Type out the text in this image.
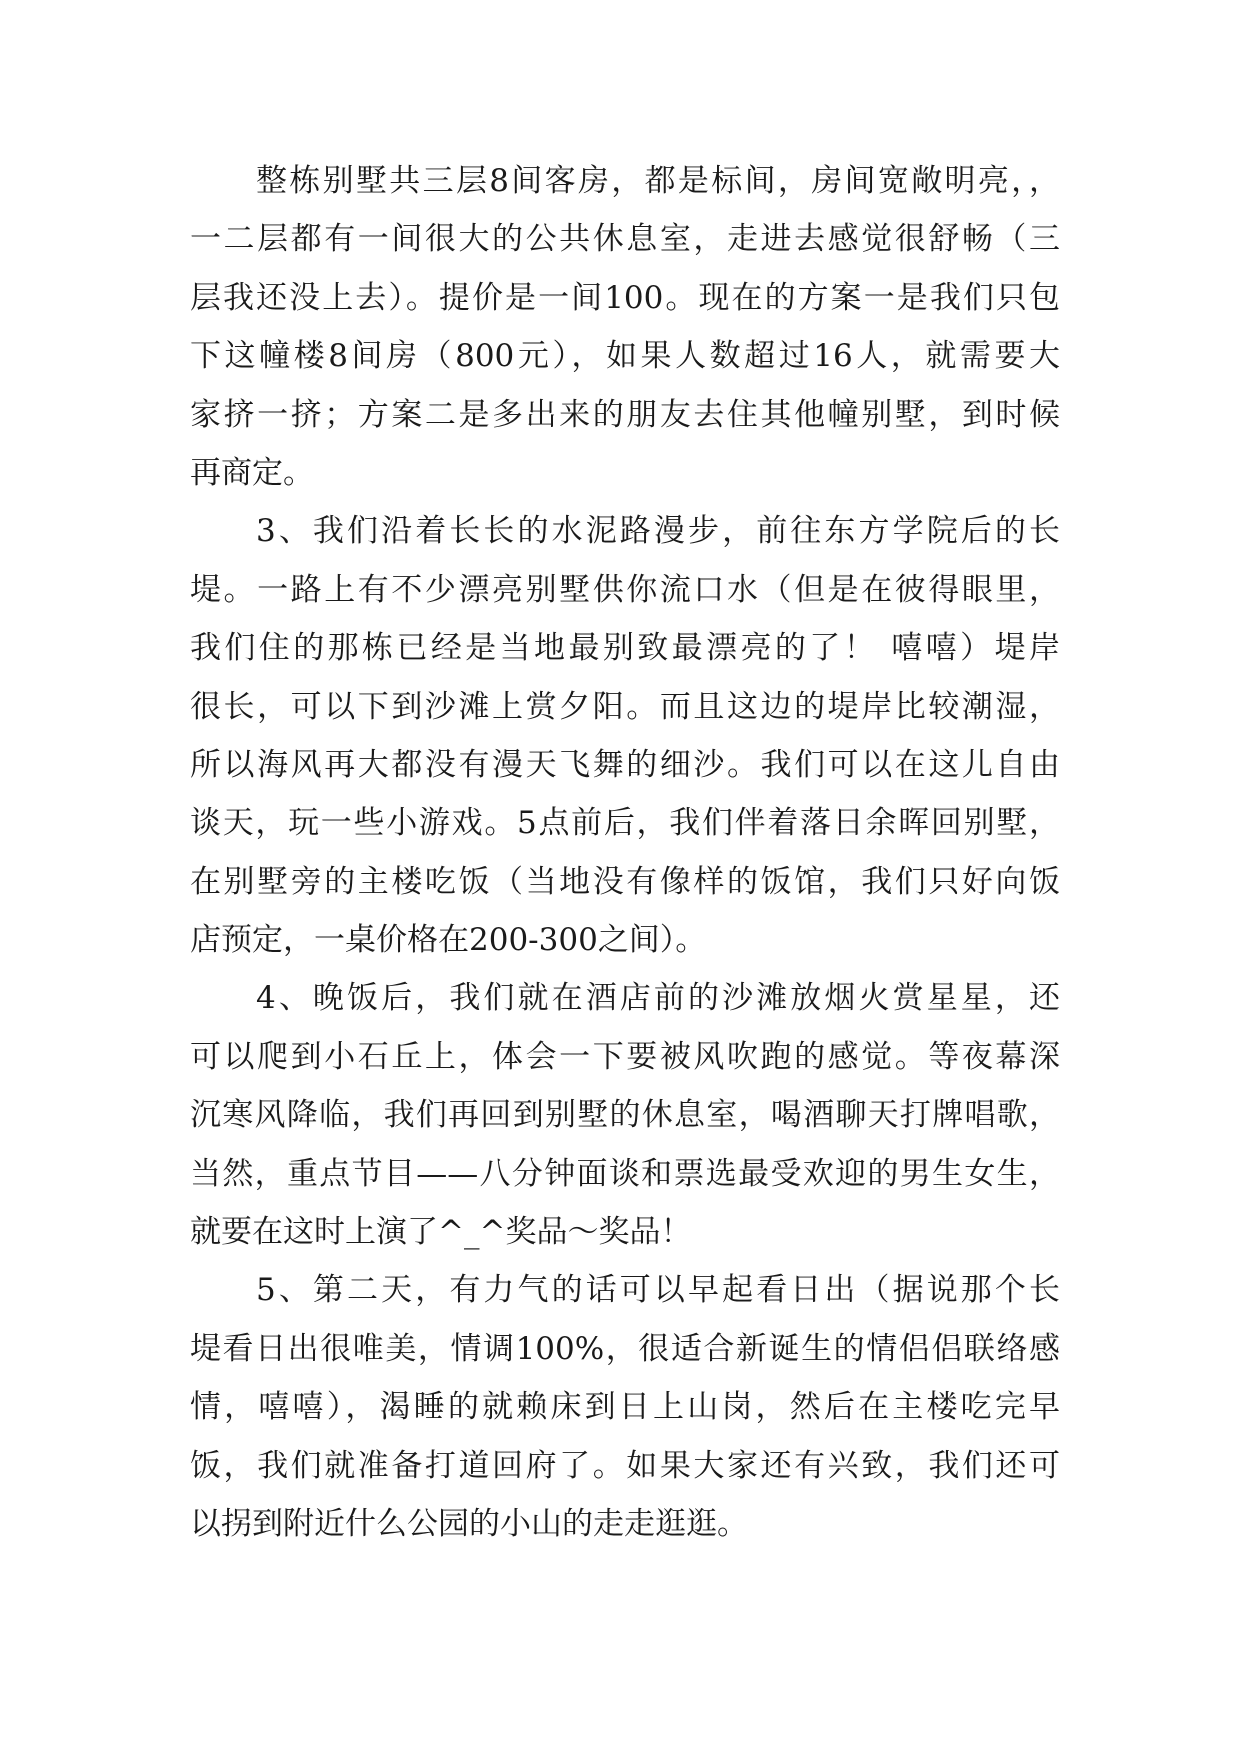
整栋别墅共三层8间客房，都是标间，房间宽敞明亮，，
一二层都有一间很大的公共休息室，走进去感觉很舒畅（三
层我还没上去）。提价是一间100。现在的方案一是我们只包
下这幢楼8间房（800元），如果人数超过16人，就需要大
家挤一挤；方案二是多出来的朋友去住其他幢别墅，到时候
再商定。
3、我们沿着长长的水泥路漫步，前往东方学院后的长
堤。一路上有不少漂亮别墅供你流口水（但是在彼得眼里，
我们住的那栋已经是当地最别致最漂亮的了！ 嘻嘻）堤岸
很长，可以下到沙滩上赏夕阳。而且这边的堤岸比较潮湿，
所以海风再大都没有漫天飞舞的细沙。我们可以在这儿自由
谈天，玩一些小游戏。5点前后，我们伴着落日余晖回别墅，
在别墅旁的主楼吃饭（当地没有像样的饭馆，我们只好向饭
店预定，一桌价格在200-300之间）。
4、晚饭后，我们就在酒店前的沙滩放烟火赏星星，还
可以爬到小石丘上，体会一下要被风吹跑的感觉。等夜幕深
沉寒风降临，我们再回到别墅的休息室，喝酒聊天打牌唱歌，
当然，重点节目——八分钟面谈和票选最受欢迎的男生女生，
就要在这时上演了^_^奖品～奖品！
5、第二天，有力气的话可以早起看日出（据说那个长
堤看日出很唯美，情调100%，很适合新诞生的情侣侣联络感
情，嘻嘻），渴睡的就赖床到日上山岗，然后在主楼吃完早
饭，我们就准备打道回府了。如果大家还有兴致，我们还可
以拐到附近什么公园的小山的走走逛逛。
